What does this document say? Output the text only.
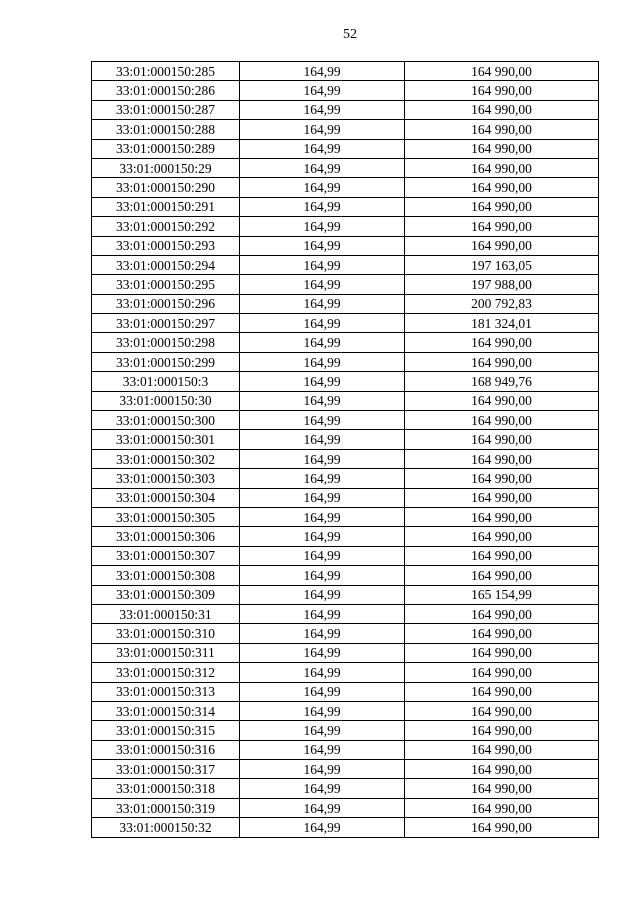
52
33:01:000150:285	164,99	164 990,00
33:01:000150:286	164,99	164 990,00
33:01:000150:287	164,99	164 990,00
33:01:000150:288	164,99	164 990,00
33:01:000150:289	164,99	164 990,00
33:01:000150:29	164,99	164 990,00
33:01:000150:290	164,99	164 990,00
33:01:000150:291	164,99	164 990,00
33:01:000150:292	164,99	164 990,00
33:01:000150:293	164,99	164 990,00
33:01:000150:294	164,99	197 163,05
33:01:000150:295	164,99	197 988,00
33:01:000150:296	164,99	200 792,83
33:01:000150:297	164,99	181 324,01
33:01:000150:298	164,99	164 990,00
33:01:000150:299	164,99	164 990,00
33:01:000150:3	164,99	168 949,76
33:01:000150:30	164,99	164 990,00
33:01:000150:300	164,99	164 990,00
33:01:000150:301	164,99	164 990,00
33:01:000150:302	164,99	164 990,00
33:01:000150:303	164,99	164 990,00
33:01:000150:304	164,99	164 990,00
33:01:000150:305	164,99	164 990,00
33:01:000150:306	164,99	164 990,00
33:01:000150:307	164,99	164 990,00
33:01:000150:308	164,99	164 990,00
33:01:000150:309	164,99	165 154,99
33:01:000150:31	164,99	164 990,00
33:01:000150:310	164,99	164 990,00
33:01:000150:311	164,99	164 990,00
33:01:000150:312	164,99	164 990,00
33:01:000150:313	164,99	164 990,00
33:01:000150:314	164,99	164 990,00
33:01:000150:315	164,99	164 990,00
33:01:000150:316	164,99	164 990,00
33:01:000150:317	164,99	164 990,00
33:01:000150:318	164,99	164 990,00
33:01:000150:319	164,99	164 990,00
33:01:000150:32	164,99	164 990,00
